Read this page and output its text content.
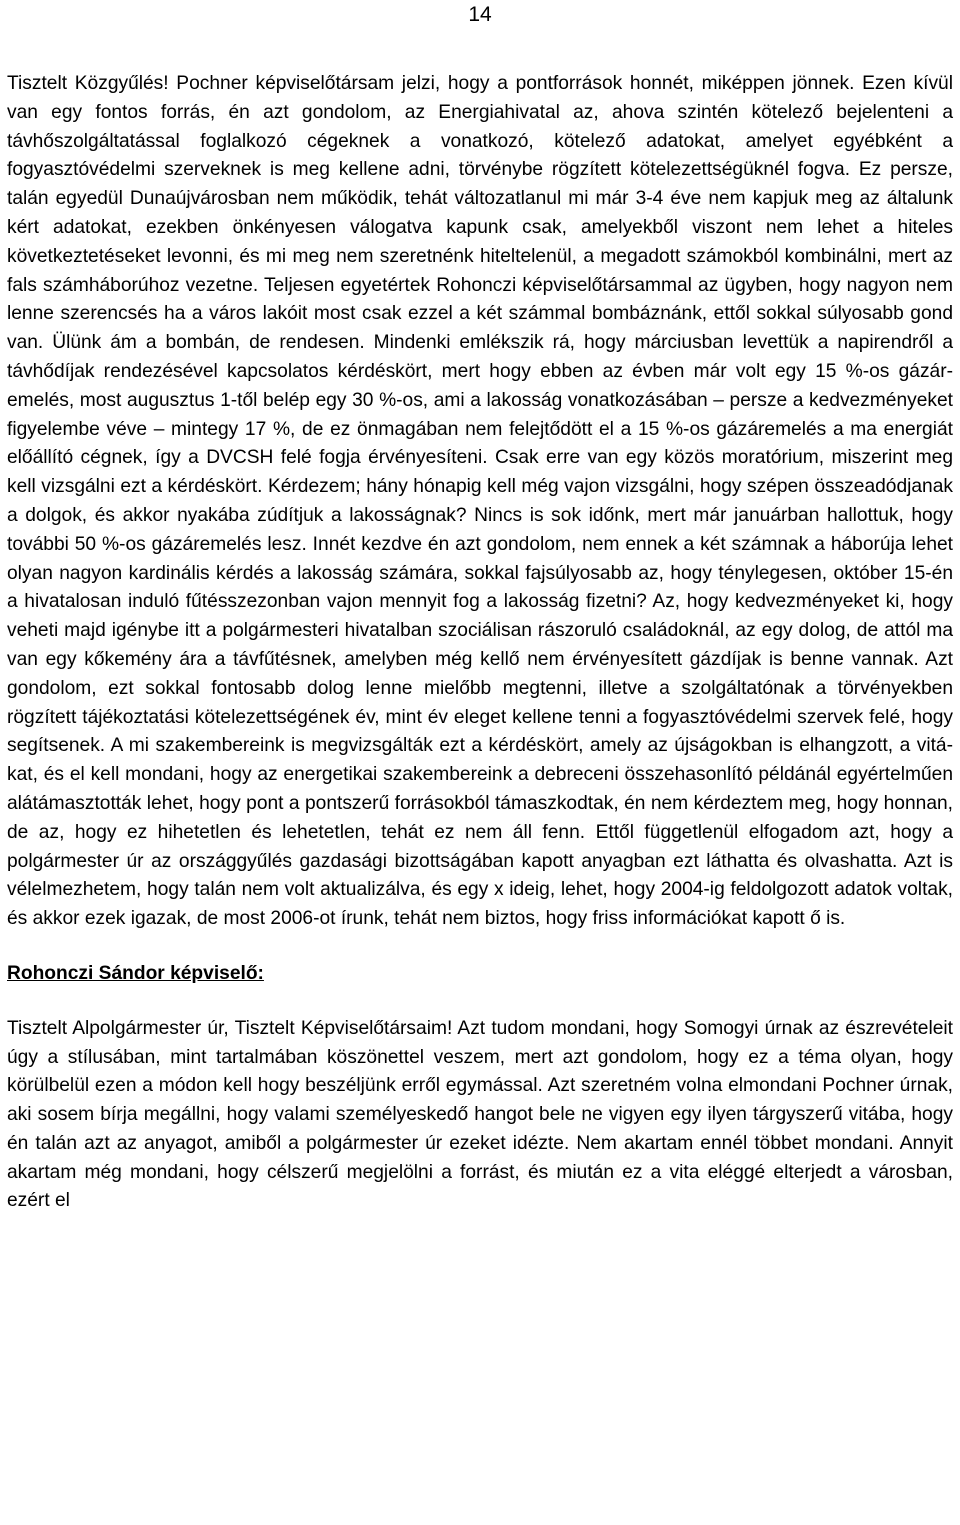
14

Tisztelt Közgyűlés! Pochner képviselőtársam jelzi, hogy a pontforrások honnét, miképpen jönnek. Ezen kívül van egy fontos forrás, én azt gondolom, az Energiahivatal az, ahova szintén kötelező bejelenteni a távhőszolgáltatással foglalkozó cégeknek a vonatkozó, kötelező adatokat, amelyet egyébként a fogyasztóvédelmi szerveknek is meg kellene adni, törvénybe rögzített kötelezettségüknél fogva. Ez persze, talán egyedül Dunaújvárosban nem működik, tehát változatlanul mi már 3-4 éve nem kapjuk meg az általunk kért adatokat, ezekben önkényesen válogatva kapunk csak, amelyekből viszont nem lehet a hiteles következtetéseket levonni, és mi meg nem szeretnénk hiteltelenül, a megadott számokból kombinálni, mert az fals számháborúhoz vezetne. Teljesen egyetértek Rohonczi képviselőtársammal az ügyben, hogy nagyon nem lenne szerencsés ha a város lakóit most csak ezzel a két számmal bombáznánk, ettől sokkal súlyosabb gond van. Ülünk ám a bombán, de rendesen. Mindenki emlékszik rá, hogy márciusban levettük a napirendről a távhődíjak rendezésével kapcsolatos kérdéskört, mert hogy ebben az évben már volt egy 15 %-os gázáremelés, most augusztus 1-től belép egy 30 %-os, ami a lakosság vonatkozásában – persze a kedvezményeket figyelembe véve – mintegy 17 %, de ez önmagában nem felejtődött el a 15 %-os gázáremelés a ma energiát előállító cégnek, így a DVCSH felé fogja érvényesíteni. Csak erre van egy közös moratórium, miszerint meg kell vizsgálni ezt a kérdéskört. Kérdezem; hány hónapig kell még vajon vizsgálni, hogy szépen összeadódjanak a dolgok, és akkor nyakába zúdítjuk a lakosságnak? Nincs is sok időnk, mert már januárban hallottuk, hogy további 50 %-os gázáremelés lesz. Innét kezdve én azt gondolom, nem ennek a két számnak a háborúja lehet olyan nagyon kardinális kérdés a lakosság számára, sokkal fajsúlyosabb az, hogy ténylegesen, október 15-én a hivatalosan induló fűtésszezonban vajon mennyit fog a lakosság fizetni? Az, hogy kedvezményeket ki, hogy veheti majd igénybe itt a polgármesteri hivatalban szociálisan rászoruló családoknál, az egy dolog, de attól ma van egy kőkemény ára a távfűtésnek, amelyben még kellő nem érvényesített gázdíjak is benne vannak. Azt gondolom, ezt sokkal fontosabb dolog lenne mielőbb megtenni, illetve a szolgáltatónak a törvényekben rögzített tájékoztatási kötelezettségének év, mint év eleget kellene tenni a fogyasztóvédelmi szervek felé, hogy segítsenek. A mi szakembereink is megvizsgálták ezt a kérdéskört, amely az újságokban is elhangzott, a vitákat, és el kell mondani, hogy az energetikai szakembereink a debreceni összehasonlító példánál egyértelműen alátámasztották lehet, hogy pont a pontszerű forrásokból támaszkodtak, én nem kérdeztem meg, hogy honnan, de az, hogy ez hihetetlen és lehetetlen, tehát ez nem áll fenn. Ettől függetlenül elfogadom azt, hogy a polgármester úr az országgyűlés gazdasági bizottságában kapott anyagban ezt láthatta és olvashatta. Azt is vélelmezhetem, hogy talán nem volt aktualizálva, és egy x ideig, lehet, hogy 2004-ig feldolgozott adatok voltak, és akkor ezek igazak, de most 2006-ot írunk, tehát nem biztos, hogy friss információkat kapott ő is.

Rohonczi Sándor képviselő:

Tisztelt Alpolgármester úr, Tisztelt Képviselőtársaim! Azt tudom mondani, hogy Somogyi úrnak az észrevételeit úgy a stílusában, mint tartalmában köszönettel veszem, mert azt gondolom, hogy ez a téma olyan, hogy körülbelül ezen a módon kell hogy beszéljünk erről egymással. Azt szeretném volna elmondani Pochner úrnak, aki sosem bírja megállni, hogy valami személyeskedő hangot bele ne vigyen egy ilyen tárgyszerű vitába, hogy én talán azt az anyagot, amiből a polgármester úr ezeket idézte. Nem akartam ennél többet mondani. Annyit akartam még mondani, hogy célszerű megjelölni a forrást, és miután ez a vita eléggé elterjedt a városban, ezért el
